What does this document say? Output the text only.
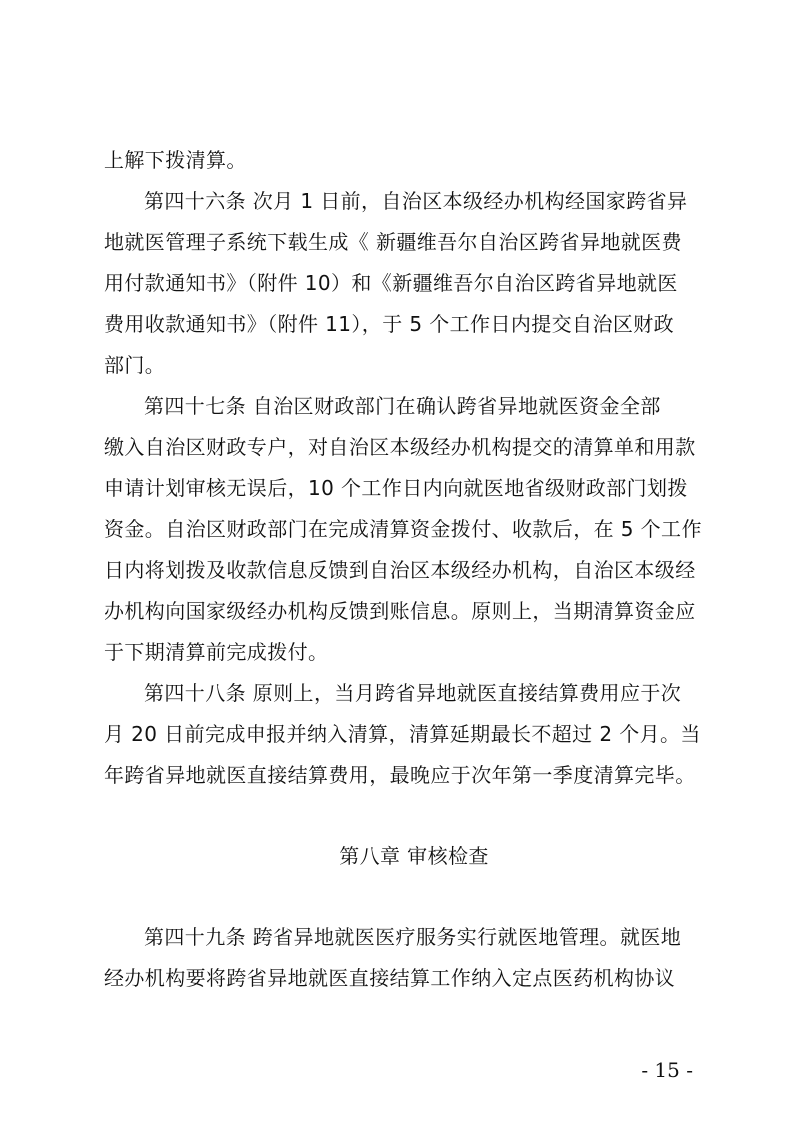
上解下拨清算。
第四十六条 次月 1 日前，自治区本级经办机构经国家跨省异
地就医管理子系统下载生成《 新疆维吾尔自治区跨省异地就医费
用付款通知书》（附件 10）和《新疆维吾尔自治区跨省异地就医
费用收款通知书》（附件 11），于 5 个工作日内提交自治区财政
部门。
第四十七条 自治区财政部门在确认跨省异地就医资金全部
缴入自治区财政专户，对自治区本级经办机构提交的清算单和用款
申请计划审核无误后，10 个工作日内向就医地省级财政部门划拨
资金。自治区财政部门在完成清算资金拨付、收款后，在 5 个工作
日内将划拨及收款信息反馈到自治区本级经办机构，自治区本级经
办机构向国家级经办机构反馈到账信息。原则上，当期清算资金应
于下期清算前完成拨付。
第四十八条 原则上，当月跨省异地就医直接结算费用应于次
月 20 日前完成申报并纳入清算，清算延期最长不超过 2 个月。当
年跨省异地就医直接结算费用，最晚应于次年第一季度清算完毕。
第八章 审核检查
第四十九条 跨省异地就医医疗服务实行就医地管理。就医地
经办机构要将跨省异地就医直接结算工作纳入定点医药机构协议
- 15 -
